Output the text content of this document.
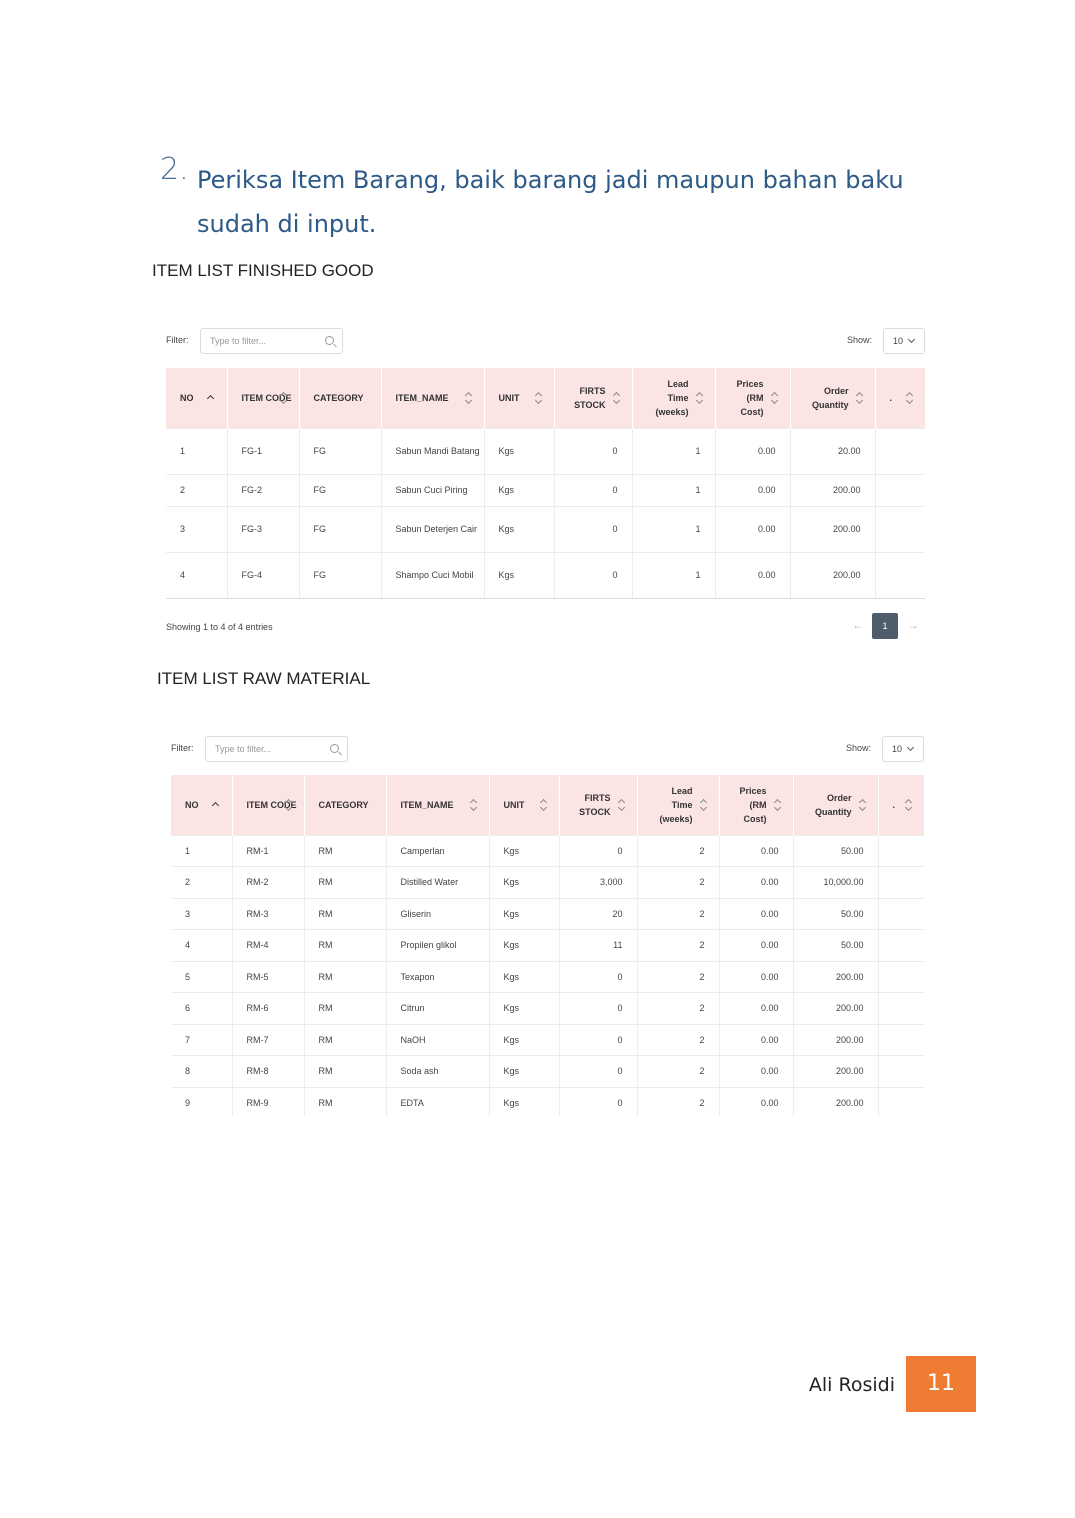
2. Periksa Item Barang, baik barang jadi maupun bahan baku sudah di input.
ITEM LIST FINISHED GOOD
Filter: Type to filter...	Show: 10
NO	ITEM CODE	CATEGORY	ITEM_NAME	UNIT	FIRTS STOCK	Lead Time (weeks)	Prices (RM Cost)	Order Quantity	.

1	FG-1	FG	Sabun Mandi Batang	Kgs	0	1	0.00	20.00	
2	FG-2	FG	Sabun Cuci Piring	Kgs	0	1	0.00	200.00	
3	FG-3	FG	Sabun Deterjen Cair	Kgs	0	1	0.00	200.00	
4	FG-4	FG	Shampo Cuci Mobil	Kgs	0	1	0.00	200.00	
Showing 1 to 4 of 4 entries	←	1	→
ITEM LIST RAW MATERIAL
Filter: Type to filter...	Show: 10
NO	ITEM CODE	CATEGORY	ITEM_NAME	UNIT	FIRTS STOCK	Lead Time (weeks)	Prices (RM Cost)	Order Quantity	.

1	RM-1	RM	Camperlan	Kgs	0	2	0.00	50.00	
2	RM-2	RM	Distilled Water	Kgs	3,000	2	0.00	10,000.00	
3	RM-3	RM	Gliserin	Kgs	20	2	0.00	50.00	
4	RM-4	RM	Propilen glikol	Kgs	11	2	0.00	50.00	
5	RM-5	RM	Texapon	Kgs	0	2	0.00	200.00	
6	RM-6	RM	Citrun	Kgs	0	2	0.00	200.00	
7	RM-7	RM	NaOH	Kgs	0	2	0.00	200.00	
8	RM-8	RM	Soda ash	Kgs	0	2	0.00	200.00	
9	RM-9	RM	EDTA	Kgs	0	2	0.00	200.00	
Ali Rosidi	11
